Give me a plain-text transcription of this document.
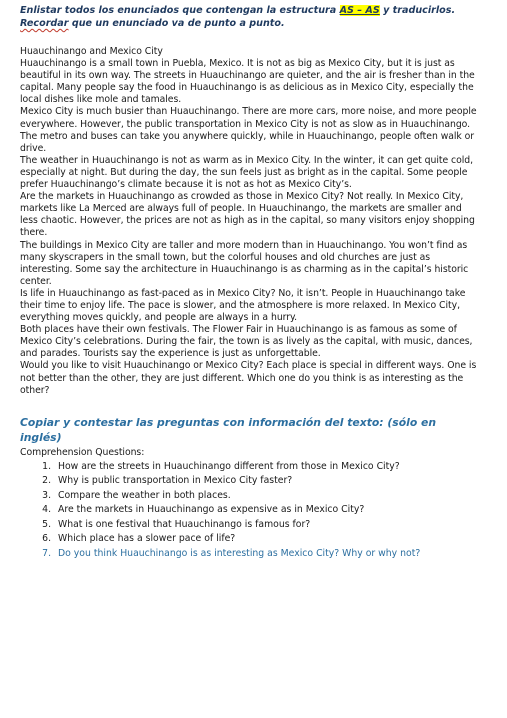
Enlistar todos los enunciados que contengan la estructura AS – AS y traducirlos.

Recordar que un enunciado va de punto a punto.

Huauchinango and Mexico City

Huauchinango is a small town in Puebla, Mexico. It is not as big as Mexico City, but it is just as beautiful in its own way. The streets in Huauchinango are quieter, and the air is fresher than in the capital. Many people say the food in Huauchinango is as delicious as in Mexico City, especially the local dishes like mole and tamales.

Mexico City is much busier than Huauchinango. There are more cars, more noise, and more people everywhere. However, the public transportation in Mexico City is not as slow as in Huauchinango. The metro and buses can take you anywhere quickly, while in Huauchinango, people often walk or drive.

The weather in Huauchinango is not as warm as in Mexico City. In the winter, it can get quite cold, especially at night. But during the day, the sun feels just as bright as in the capital. Some people prefer Huauchinango’s climate because it is not as hot as Mexico City’s.

Are the markets in Huauchinango as crowded as those in Mexico City? Not really. In Mexico City, markets like La Merced are always full of people. In Huauchinango, the markets are smaller and less chaotic. However, the prices are not as high as in the capital, so many visitors enjoy shopping there.

The buildings in Mexico City are taller and more modern than in Huauchinango. You won’t find as many skyscrapers in the small town, but the colorful houses and old churches are just as interesting. Some say the architecture in Huauchinango is as charming as in the capital’s historic center.

Is life in Huauchinango as fast-paced as in Mexico City? No, it isn’t. People in Huauchinango take their time to enjoy life. The pace is slower, and the atmosphere is more relaxed. In Mexico City, everything moves quickly, and people are always in a hurry.

Both places have their own festivals. The Flower Fair in Huauchinango is as famous as some of Mexico City’s celebrations. During the fair, the town is as lively as the capital, with music, dances, and parades. Tourists say the experience is just as unforgettable.

Would you like to visit Huauchinango or Mexico City? Each place is special in different ways. One is not better than the other, they are just different. Which one do you think is as interesting as the other?

Copiar y contestar las preguntas con información del texto: (sólo en inglés)

Comprehension Questions:

1. How are the streets in Huauchinango different from those in Mexico City?
2. Why is public transportation in Mexico City faster?
3. Compare the weather in both places.
4. Are the markets in Huauchinango as expensive as in Mexico City?
5. What is one festival that Huauchinango is famous for?
6. Which place has a slower pace of life?
7. Do you think Huauchinango is as interesting as Mexico City? Why or why not?
